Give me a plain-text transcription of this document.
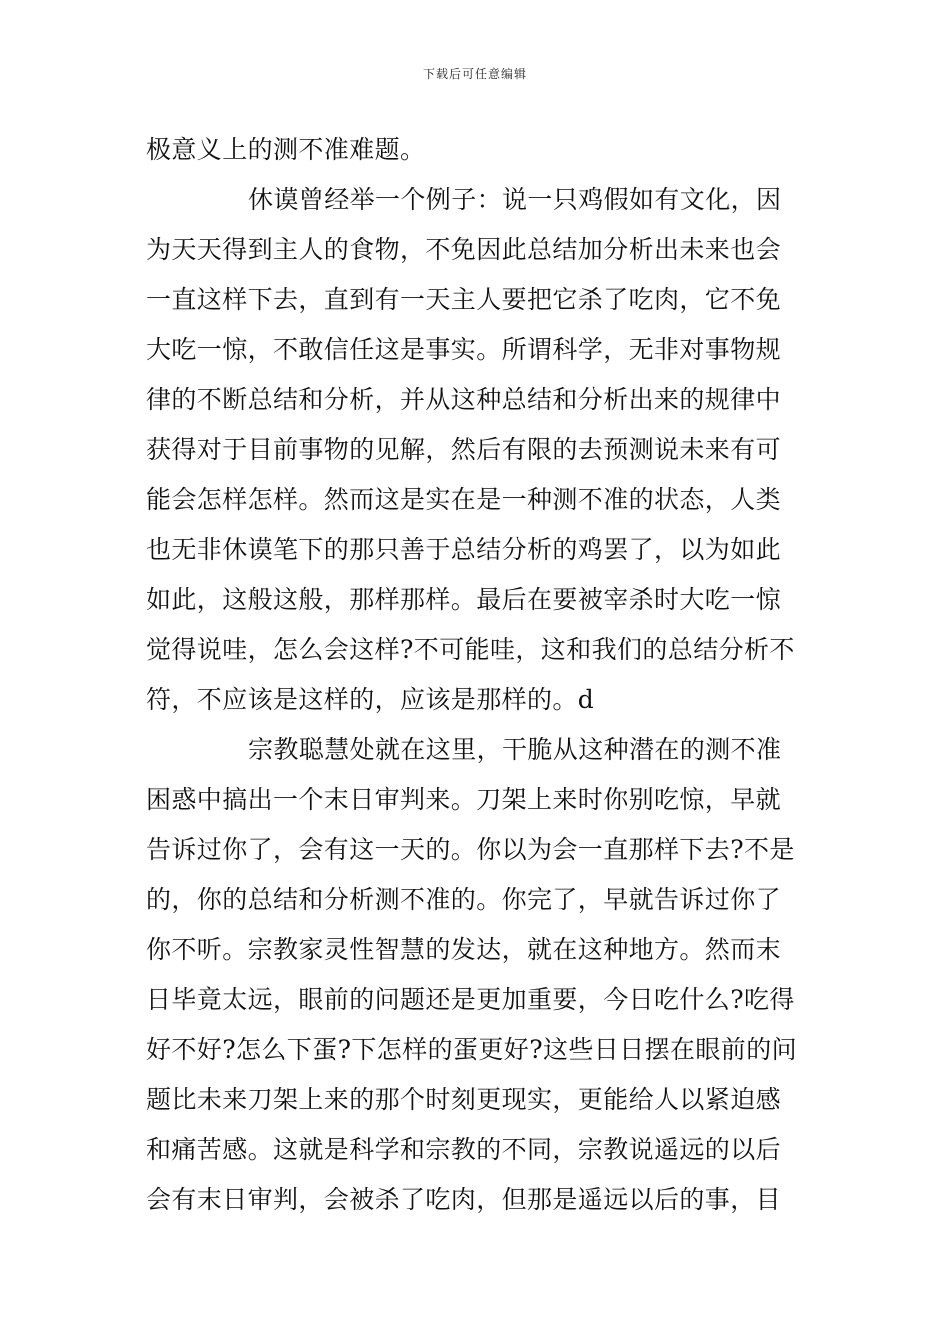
下载后可任意编辑
极意义上的测不准难题。
休谟曾经举一个例子：说一只鸡假如有文化，因
为天天得到主人的食物，不免因此总结加分析出未来也会
一直这样下去，直到有一天主人要把它杀了吃肉，它不免
大吃一惊，不敢信任这是事实。所谓科学，无非对事物规
律的不断总结和分析，并从这种总结和分析出来的规律中
获得对于目前事物的见解，然后有限的去预测说未来有可
能会怎样怎样。然而这是实在是一种测不准的状态，人类
也无非休谟笔下的那只善于总结分析的鸡罢了，以为如此
如此，这般这般，那样那样。最后在要被宰杀时大吃一惊
觉得说哇，怎么会这样?不可能哇，这和我们的总结分析不
符，不应该是这样的，应该是那样的。d
宗教聪慧处就在这里，干脆从这种潜在的测不准
困惑中搞出一个末日审判来。刀架上来时你别吃惊，早就
告诉过你了，会有这一天的。你以为会一直那样下去?不是
的，你的总结和分析测不准的。你完了，早就告诉过你了
你不听。宗教家灵性智慧的发达，就在这种地方。然而末
日毕竟太远，眼前的问题还是更加重要，今日吃什么?吃得
好不好?怎么下蛋?下怎样的蛋更好?这些日日摆在眼前的问
题比未来刀架上来的那个时刻更现实，更能给人以紧迫感
和痛苦感。这就是科学和宗教的不同，宗教说遥远的以后
会有末日审判，会被杀了吃肉，但那是遥远以后的事，目
